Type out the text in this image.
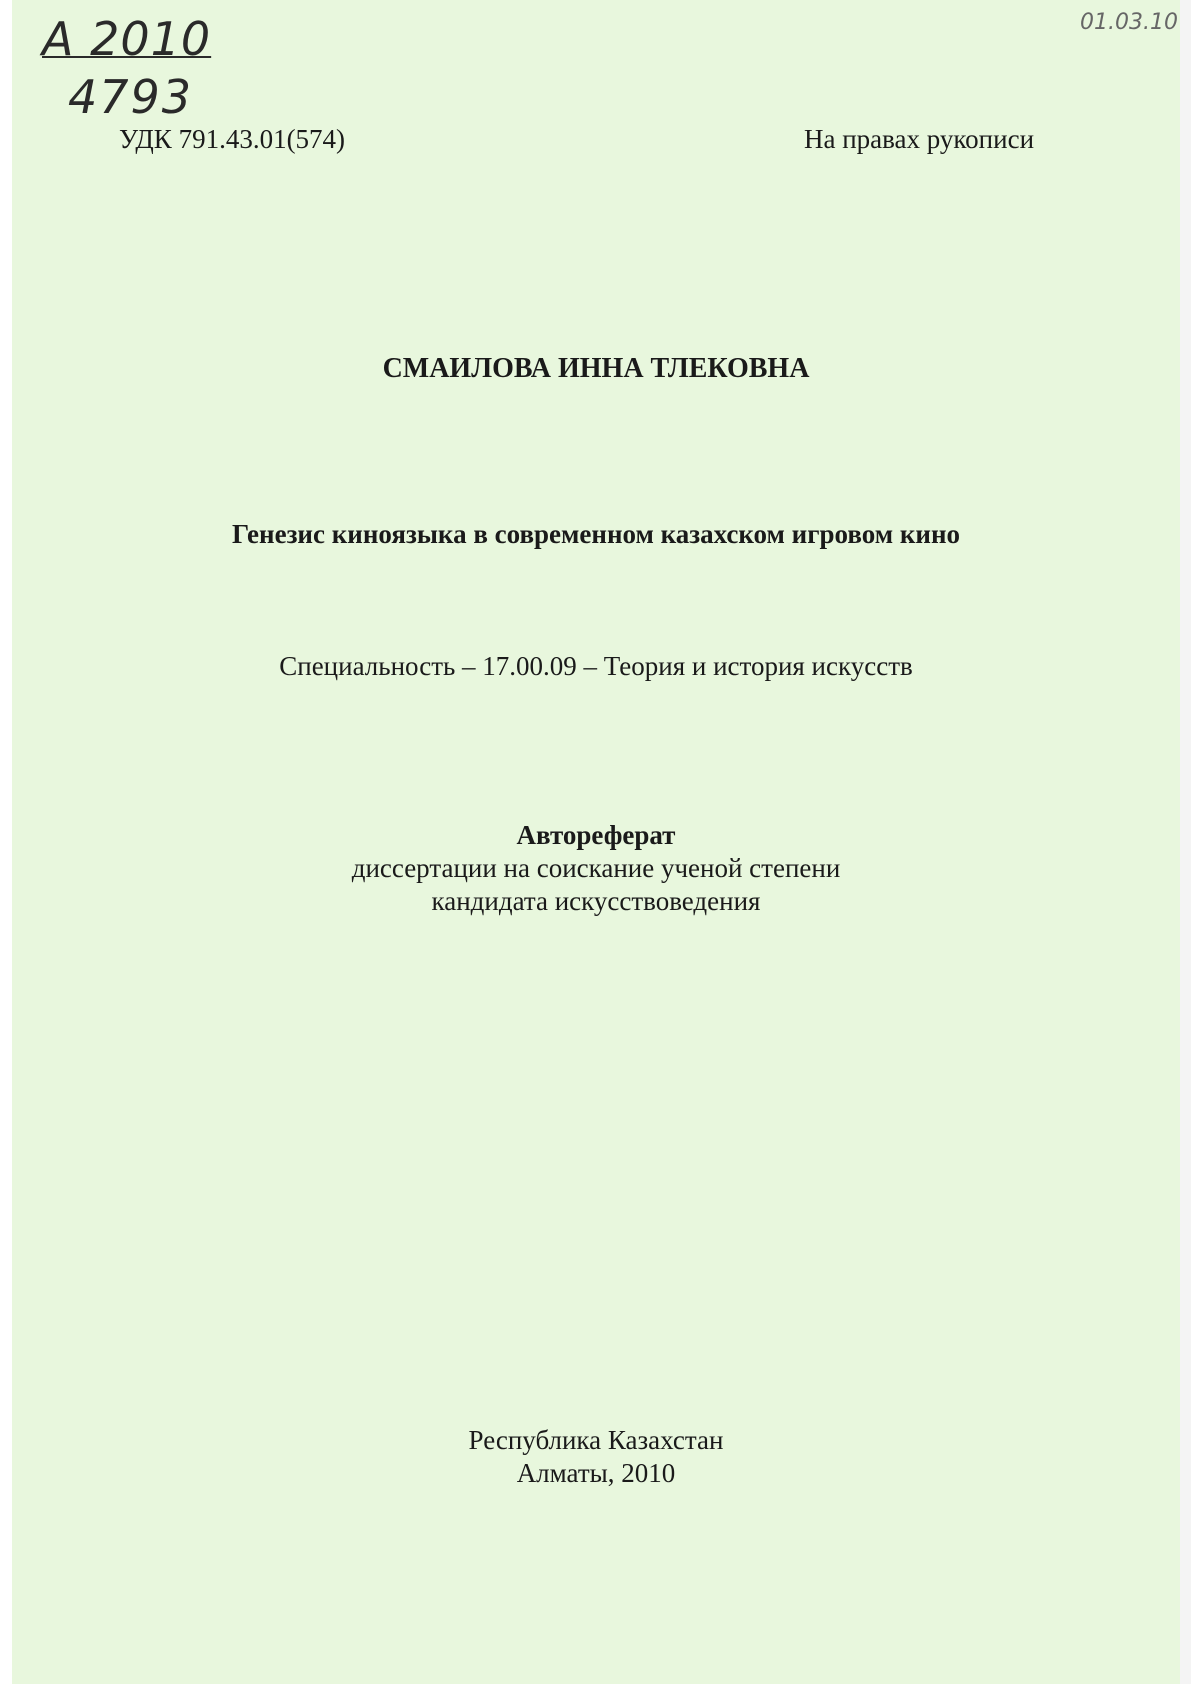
A 2010
4793
01.03.10
УДК 791.43.01(574)	На правах рукописи
СМАИЛОВА ИННА ТЛЕКОВНА
Генезис киноязыка в современном казахском игровом кино
Специальность – 17.00.09 – Теория и история искусств
Автореферат
диссертации на соискание ученой степени
кандидата искусствоведения
Республика Казахстан
Алматы, 2010
